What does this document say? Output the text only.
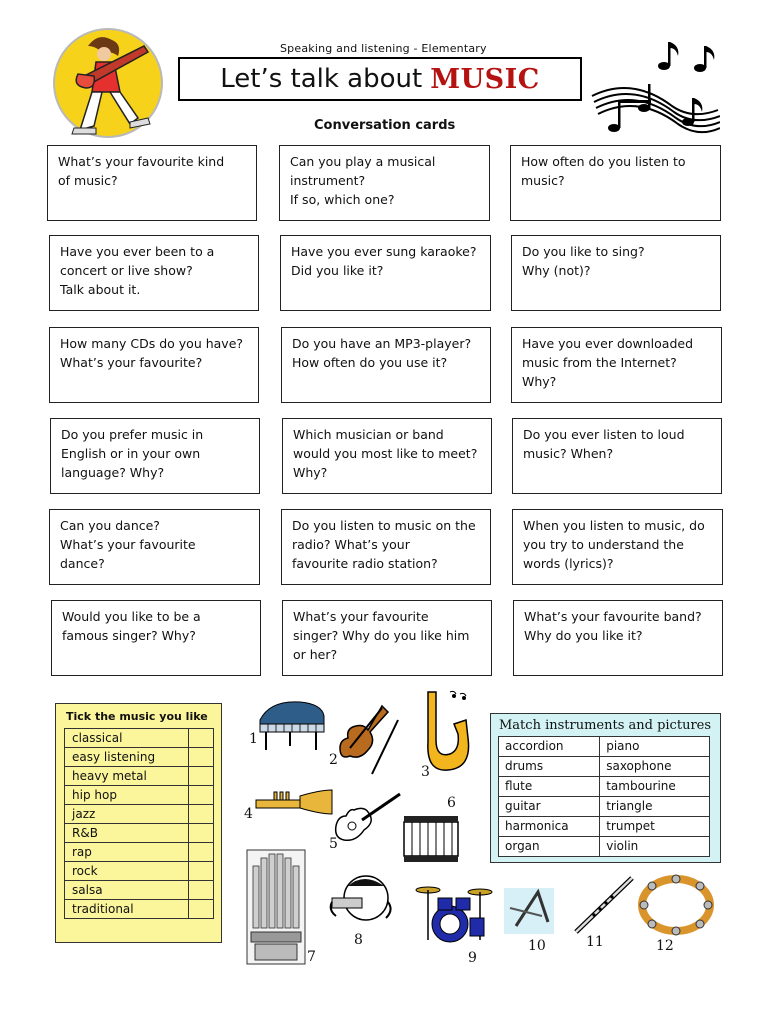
Speaking and listening - Elementary
Let’s talk about MUSIC
Conversation cards
What’s your favourite kind
of music?
Can you play a musical
instrument?
If so, which one?
How often do you listen to
music?
Have you ever been to a
concert or live show?
Talk about it.
Have you ever sung karaoke?
Did you like it?
Do you like to sing?
Why (not)?
How many CDs do you have?
What’s your favourite?
Do you have an MP3-player?
How often do you use it?
Have you ever downloaded
music from the Internet?
Why?
Do you prefer music in
English or in your own
language? Why?
Which musician or band
would you most like to meet?
Why?
Do you ever listen to loud
music? When?
Can you dance?
What’s your favourite
dance?
Do you listen to music on the
radio? What’s your
favourite radio station?
When you listen to music, do
you try to understand the
words (lyrics)?
Would you like to be a
famous singer? Why?
What’s your favourite
singer? Why do you like him
or her?
What’s your favourite band?
Why do you like it?
Tick the music you like
classical	
easy listening	
heavy metal	
hip hop	
jazz	
R&B	
rap	
rock	
salsa	
traditional	
1
2
3
4
5
6
7
8
9
10	11	12
Match instruments and pictures
accordion	piano
drums	saxophone
flute	tambourine
guitar	triangle
harmonica	trumpet
organ	violin
